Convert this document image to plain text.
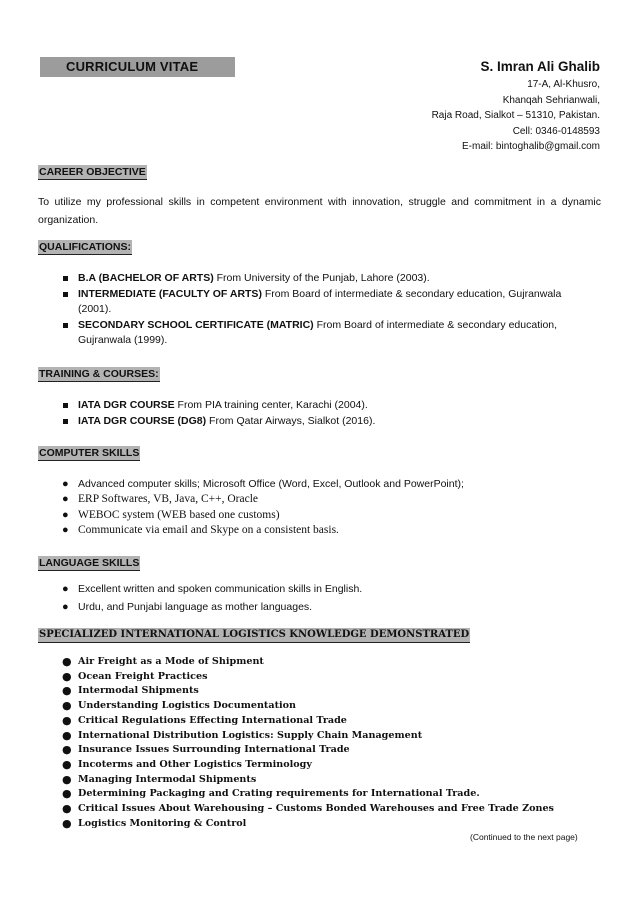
CURRICULUM VITAE	S. Imran Ali Ghalib
17-A, Al-Khusro,
Khanqah Sehrianwali,
Raja Road, Sialkot – 51310, Pakistan.
Cell: 0346-0148593
E-mail: bintoghalib@gmail.com
CAREER OBJECTIVE
To utilize my professional skills in competent environment with innovation, struggle and commitment in a dynamic organization.
QUALIFICATIONS:
B.A (BACHELOR OF ARTS) From University of the Punjab, Lahore (2003).
INTERMEDIATE (FACULTY OF ARTS) From Board of intermediate & secondary education, Gujranwala (2001).
SECONDARY SCHOOL CERTIFICATE (MATRIC) From Board of intermediate & secondary education, Gujranwala (1999).
TRAINING & COURSES:
IATA DGR COURSE From PIA training center, Karachi (2004).
IATA DGR COURSE (DG8) From Qatar Airways, Sialkot (2016).
COMPUTER SKILLS
● Advanced computer skills; Microsoft Office (Word, Excel, Outlook and PowerPoint);
● ERP Softwares, VB, Java, C++, Oracle
● WEBOC system (WEB based one customs)
● Communicate via email and Skype on a consistent basis.
LANGUAGE SKILLS
● Excellent written and spoken communication skills in English.
● Urdu, and Punjabi language as mother languages.
SPECIALIZED INTERNATIONAL LOGISTICS KNOWLEDGE DEMONSTRATED
● Air Freight as a Mode of Shipment
● Ocean Freight Practices
● Intermodal Shipments
● Understanding Logistics Documentation
● Critical Regulations Effecting International Trade
● International Distribution Logistics: Supply Chain Management
● Insurance Issues Surrounding International Trade
● Incoterms and Other Logistics Terminology
● Managing Intermodal Shipments
● Determining Packaging and Crating requirements for International Trade.
● Critical Issues About Warehousing – Customs Bonded Warehouses and Free Trade Zones
● Logistics Monitoring & Control
(Continued to the next page)
